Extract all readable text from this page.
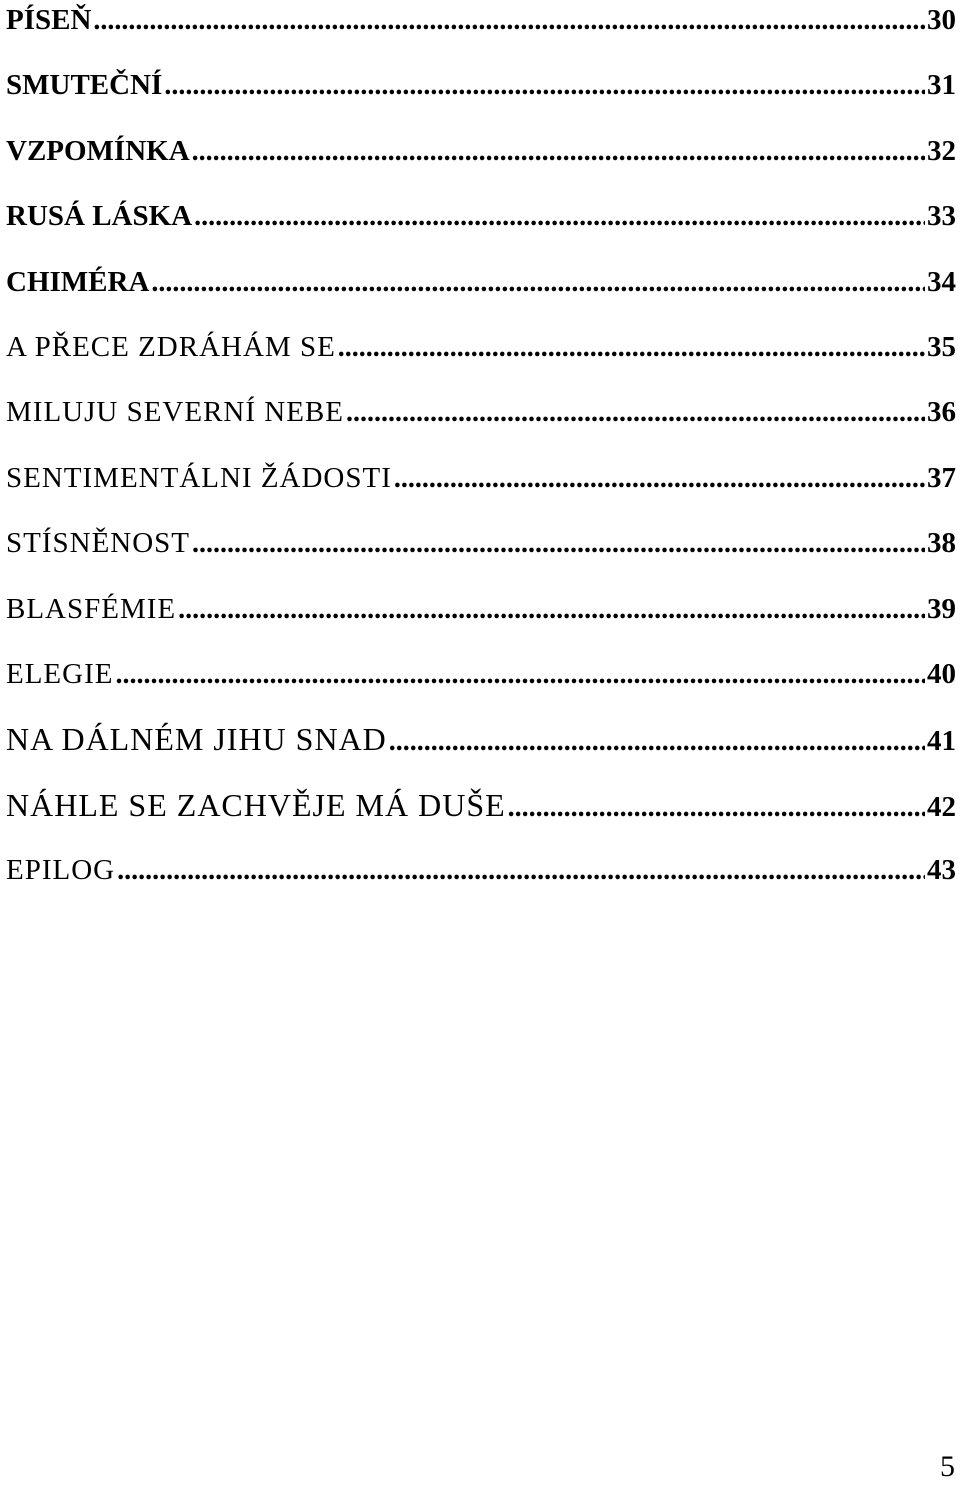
PÍSEŇ .....	30
SMUTEČNÍ .....	31
VZPOMÍNKA .....	32
RUSÁ LÁSKA .....	33
CHIMÉRA .....	34
A PŘECE ZDRÁHÁM SE .....	35
MILUJU SEVERNÍ NEBE .....	36
SENTIMENTÁLNI ŽÁDOSTI .....	37
STÍSNĚNOST .....	38
BLASFÉMIE .....	39
ELEGIE .....	40
NA DÁLNÉM JIHU SNAD .....	41
NÁHLE SE ZACHVĚJE MÁ DUŠE .....	42
EPILOG .....	43
5
